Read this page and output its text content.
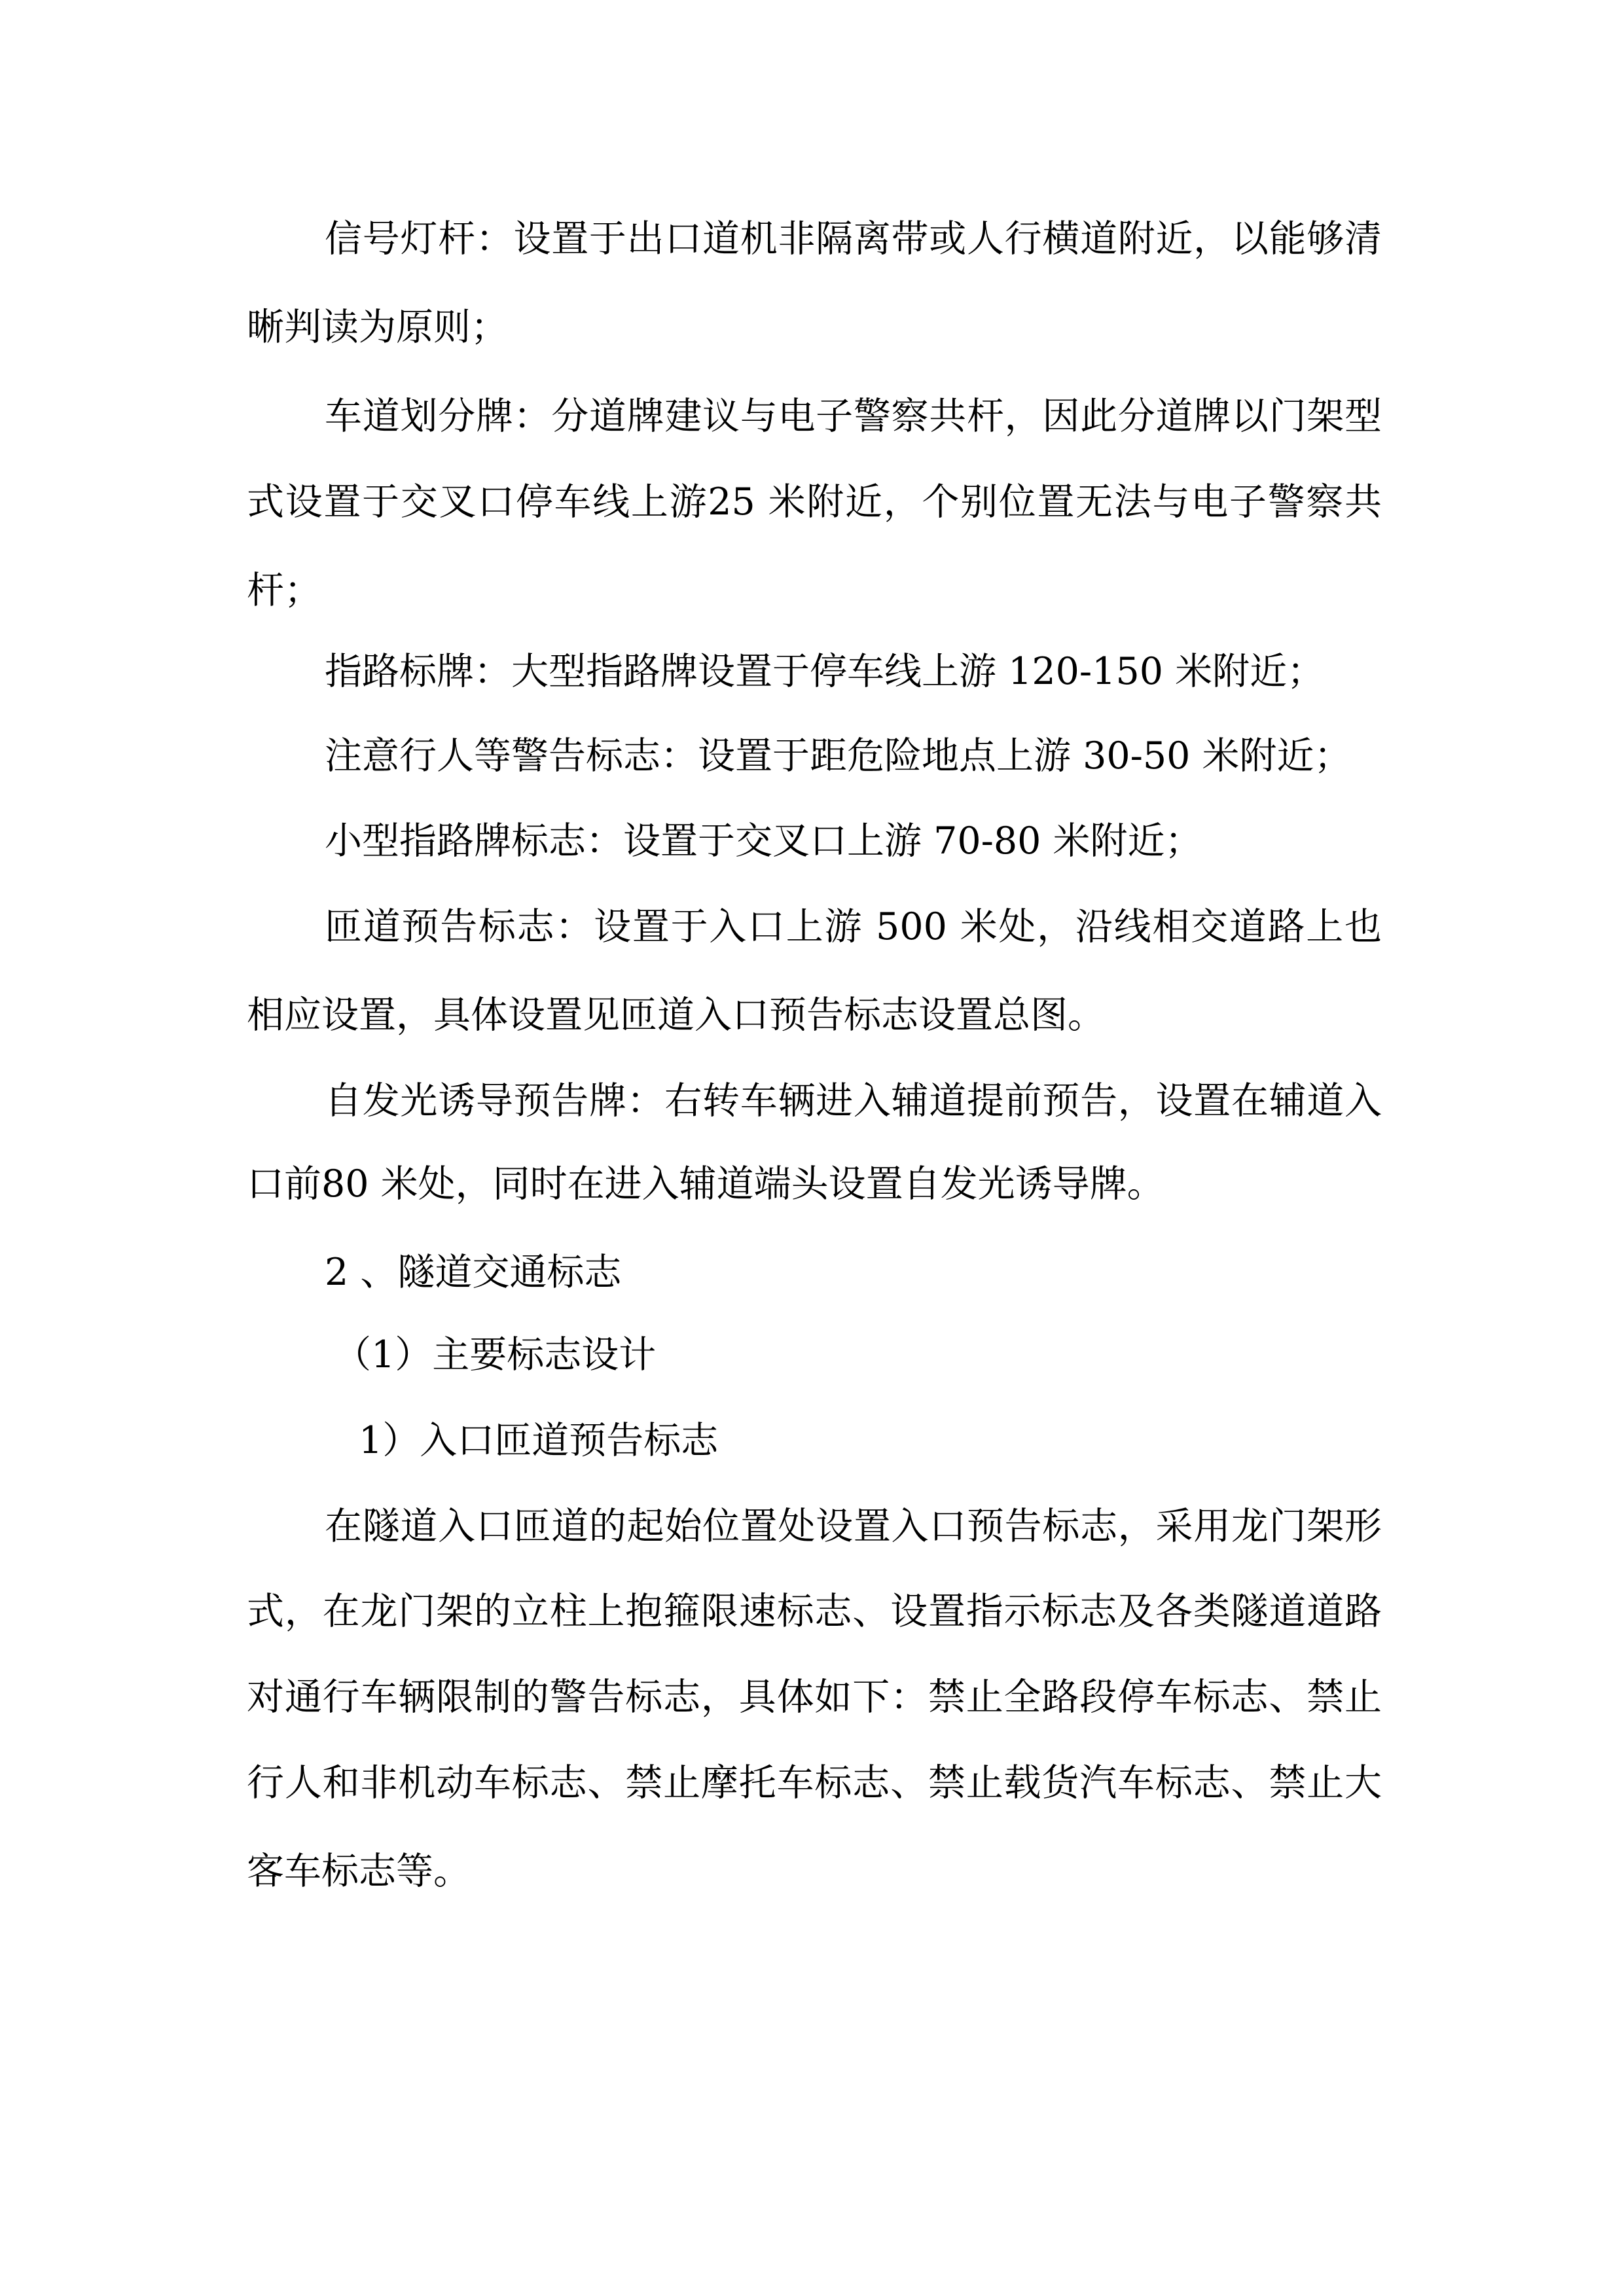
信号灯杆：设置于出口道机非隔离带或人行横道附近，以能够清
晰判读为原则；
车道划分牌：分道牌建议与电子警察共杆，因此分道牌以门架型
式设置于交叉口停车线上游25 米附近，个别位置无法与电子警察共
杆；
指路标牌：大型指路牌设置于停车线上游 120-150 米附近；
注意行人等警告标志：设置于距危险地点上游 30-50 米附近；
小型指路牌标志：设置于交叉口上游 70-80 米附近；
匝道预告标志：设置于入口上游 500 米处，沿线相交道路上也
相应设置，具体设置见匝道入口预告标志设置总图。
自发光诱导预告牌：右转车辆进入辅道提前预告，设置在辅道入
口前80 米处，同时在进入辅道端头设置自发光诱导牌。
2 、隧道交通标志
（1）主要标志设计
1）入口匝道预告标志
在隧道入口匝道的起始位置处设置入口预告标志，采用龙门架形
式，在龙门架的立柱上抱箍限速标志、设置指示标志及各类隧道道路
对通行车辆限制的警告标志，具体如下：禁止全路段停车标志、禁止
行人和非机动车标志、禁止摩托车标志、禁止载货汽车标志、禁止大
客车标志等。
